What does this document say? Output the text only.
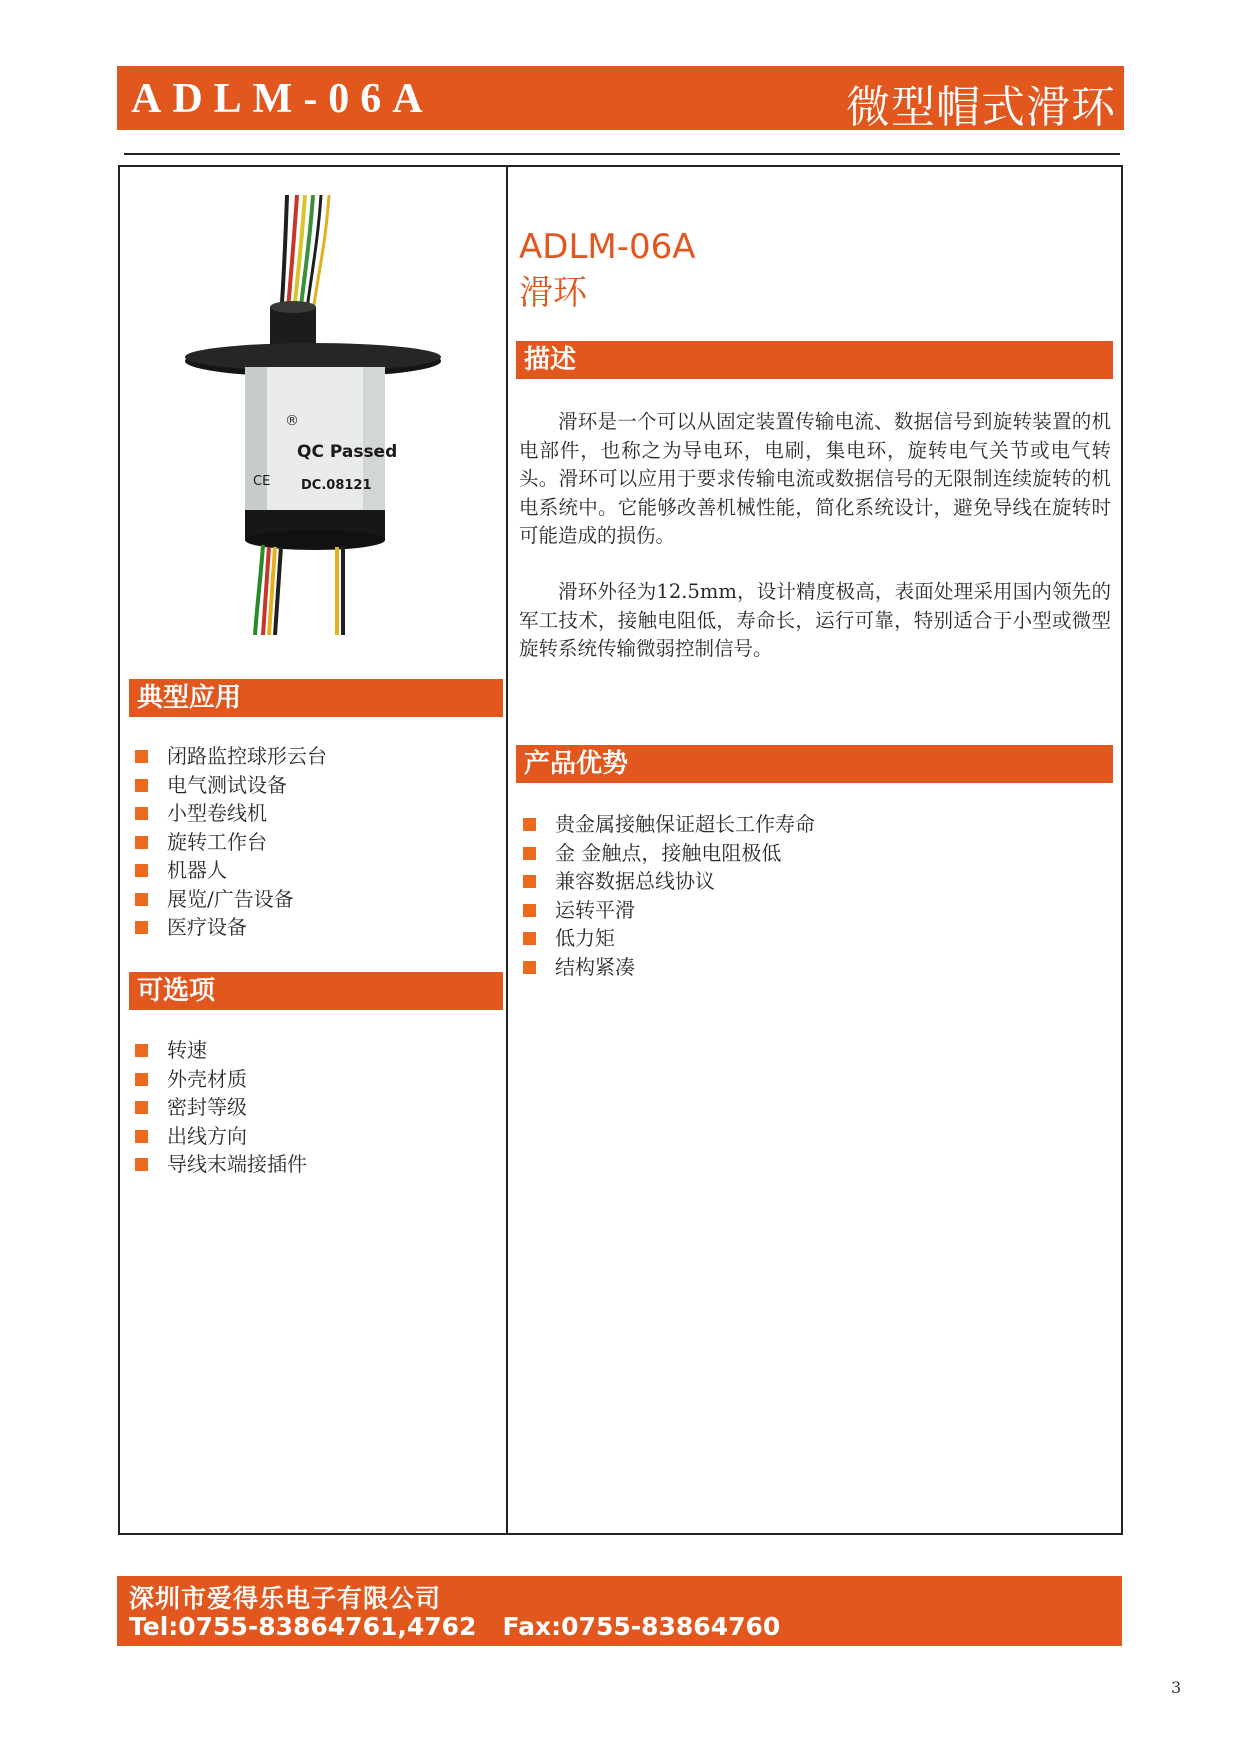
ADLM-06A	微型帽式滑环
®
QC Passed
CE DC.08121
典型应用
闭路监控球形云台
电气测试设备
小型卷线机
旋转工作台
机器人
展览/广告设备
医疗设备
可选项
转速
外壳材质
密封等级
出线方向
导线末端接插件
ADLM-06A
滑环
描述

滑环是一个可以从固定装置传输电流、数据信号到旋转装置的机电部件，也称之为导电环，电刷，集电环，旋转电气关节或电气转头。滑环可以应用于要求传输电流或数据信号的无限制连续旋转的机电系统中。它能够改善机械性能，简化系统设计，避免导线在旋转时可能造成的损伤。

滑环外径为12.5mm，设计精度极高，表面处理采用国内领先的军工技术，接触电阻低，寿命长，运行可靠，特别适合于小型或微型旋转系统传输微弱控制信号。

产品优势
贵金属接触保证超长工作寿命
金 金触点，接触电阻极低
兼容数据总线协议
运转平滑
低力矩
结构紧凑
深圳市爱得乐电子有限公司
Tel:0755-83864761,4762   Fax:0755-83864760
3
